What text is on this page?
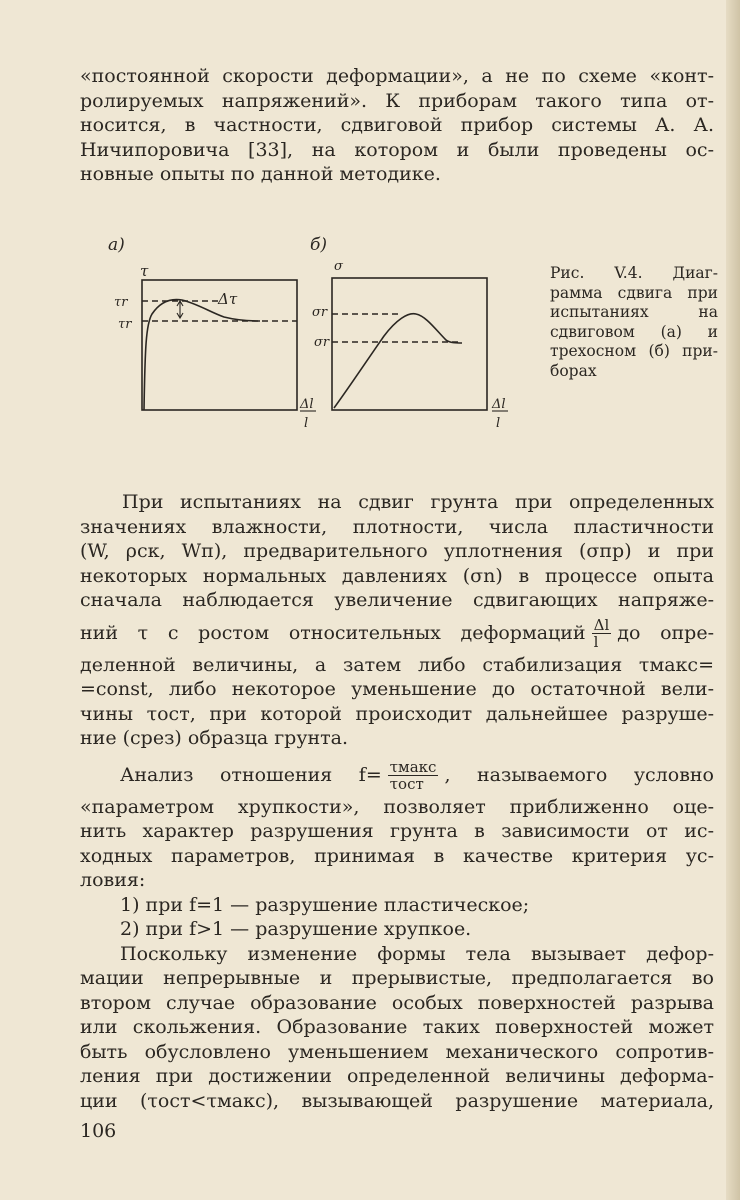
«постоянной скорости деформации», а не по схеме «конт-
ролируемых напряжений». К приборам такого типа от-
носится, в частности, сдвиговой прибор системы А. А.
Ничипоровича [33], на котором и были проведены ос-
новные опыты по данной методике.
а)
τ
τr
τr
Δτ
Δl
l
б)
σ
σr
σr
Δl
l
Рис. V.4. Диаг-
рамма сдвига при
испытаниях на
сдвиговом (а) и
трехосном (б) при-
борах
При испытаниях на сдвиг грунта при определенных
значениях влажности, плотности, числа пластичности
(W, ρск, Wп), предварительного уплотнения (σпр) и при
некоторых нормальных давлениях (σn) в процессе опыта
сначала наблюдается увеличение сдвигающих напряже-
ний τ с ростом относительных деформаций $\frac{\Delta l}{l}$ до опре-
деленной величины, а затем либо стабилизация τмакс=
=const, либо некоторое уменьшение до остаточной вели-
чины τост, при которой происходит дальнейшее разруше-
ние (срез) образца грунта.
Анализ отношения $f= \frac{\text{τмакс}}{\text{τост}}$ , называемого условно
«параметром хрупкости», позволяет приближенно оце-
нить характер разрушения грунта в зависимости от ис-
ходных параметров, принимая в качестве критерия ус-
ловия:
1) при f=1 — разрушение пластическое;
2) при f>1 — разрушение хрупкое.
Поскольку изменение формы тела вызывает дефор-
мации непрерывные и прерывистые, предполагается во
втором случае образование особых поверхностей разрыва
или скольжения. Образование таких поверхностей может
быть обусловлено уменьшением механического сопротив-
ления при достижении определенной величины деформа-
ции (τост<τмакс), вызывающей разрушение материала,
106
